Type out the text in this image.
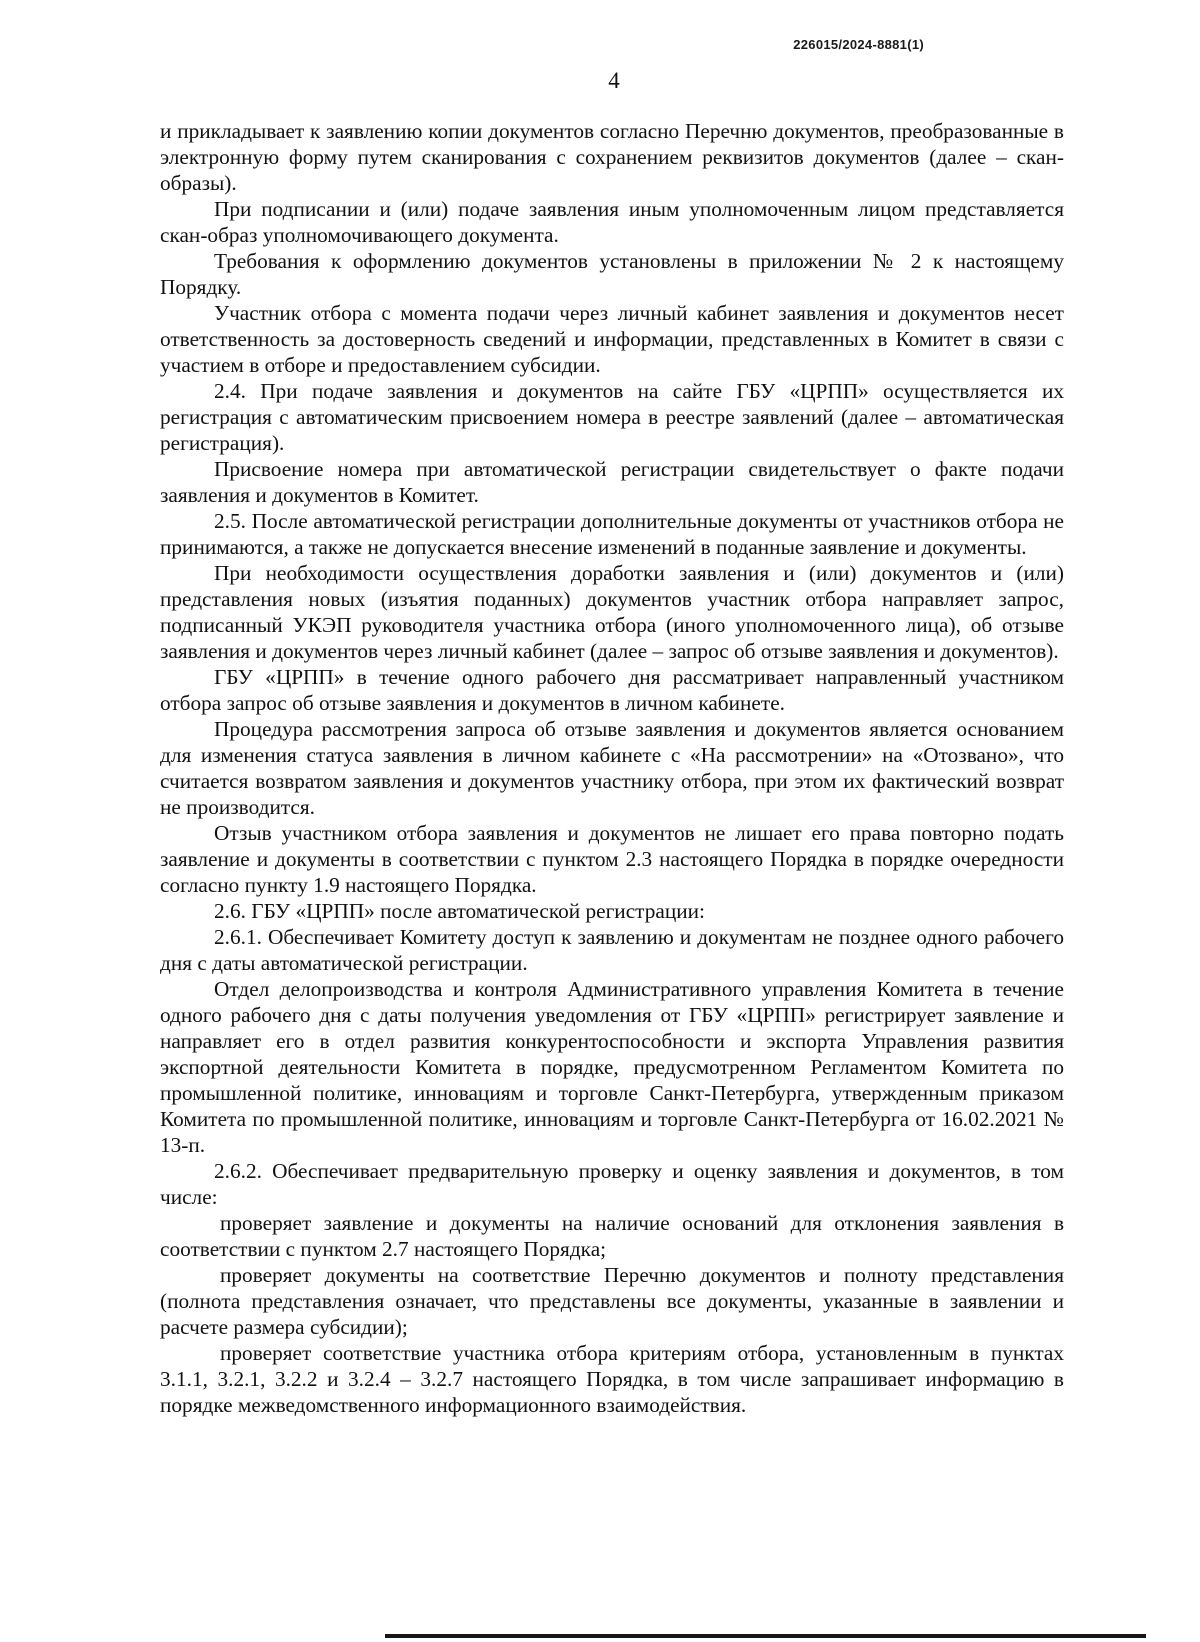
226015/2024-8881(1)
4

и прикладывает к заявлению копии документов согласно Перечню документов, преобразованные в электронную форму путем сканирования с сохранением реквизитов документов (далее – скан-образы).

При подписании и (или) подаче заявления иным уполномоченным лицом представляется скан-образ уполномочивающего документа.

Требования к оформлению документов установлены в приложении № 2 к настоящему Порядку.

Участник отбора с момента подачи через личный кабинет заявления и документов несет ответственность за достоверность сведений и информации, представленных в Комитет в связи с участием в отборе и предоставлением субсидии.

2.4. При подаче заявления и документов на сайте ГБУ «ЦРПП» осуществляется их регистрация с автоматическим присвоением номера в реестре заявлений (далее – автоматическая регистрация).

Присвоение номера при автоматической регистрации свидетельствует о факте подачи заявления и документов в Комитет.

2.5. После автоматической регистрации дополнительные документы от участников отбора не принимаются, а также не допускается внесение изменений в поданные заявление и документы.

При необходимости осуществления доработки заявления и (или) документов и (или) представления новых (изъятия поданных) документов участник отбора направляет запрос, подписанный УКЭП руководителя участника отбора (иного уполномоченного лица), об отзыве заявления и документов через личный кабинет (далее – запрос об отзыве заявления и документов).

ГБУ «ЦРПП» в течение одного рабочего дня рассматривает направленный участником отбора запрос об отзыве заявления и документов в личном кабинете.

Процедура рассмотрения запроса об отзыве заявления и документов является основанием для изменения статуса заявления в личном кабинете с «На рассмотрении» на «Отозвано», что считается возвратом заявления и документов участнику отбора, при этом их фактический возврат не производится.

Отзыв участником отбора заявления и документов не лишает его права повторно подать заявление и документы в соответствии с пунктом 2.3 настоящего Порядка в порядке очередности согласно пункту 1.9 настоящего Порядка.

2.6. ГБУ «ЦРПП» после автоматической регистрации:

2.6.1. Обеспечивает Комитету доступ к заявлению и документам не позднее одного рабочего дня с даты автоматической регистрации.

Отдел делопроизводства и контроля Административного управления Комитета в течение одного рабочего дня с даты получения уведомления от ГБУ «ЦРПП» регистрирует заявление и направляет его в отдел развития конкурентоспособности и экспорта Управления развития экспортной деятельности Комитета в порядке, предусмотренном Регламентом Комитета по промышленной политике, инновациям и торговле Санкт-Петербурга, утвержденным приказом Комитета по промышленной политике, инновациям и торговле Санкт-Петербурга от 16.02.2021 № 13-п.

2.6.2. Обеспечивает предварительную проверку и оценку заявления и документов, в том числе:

проверяет заявление и документы на наличие оснований для отклонения заявления в соответствии с пунктом 2.7 настоящего Порядка;

проверяет документы на соответствие Перечню документов и полноту представления (полнота представления означает, что представлены все документы, указанные в заявлении и расчете размера субсидии);

проверяет соответствие участника отбора критериям отбора, установленным в пунктах 3.1.1, 3.2.1, 3.2.2 и 3.2.4 – 3.2.7 настоящего Порядка, в том числе запрашивает информацию в порядке межведомственного информационного взаимодействия.
